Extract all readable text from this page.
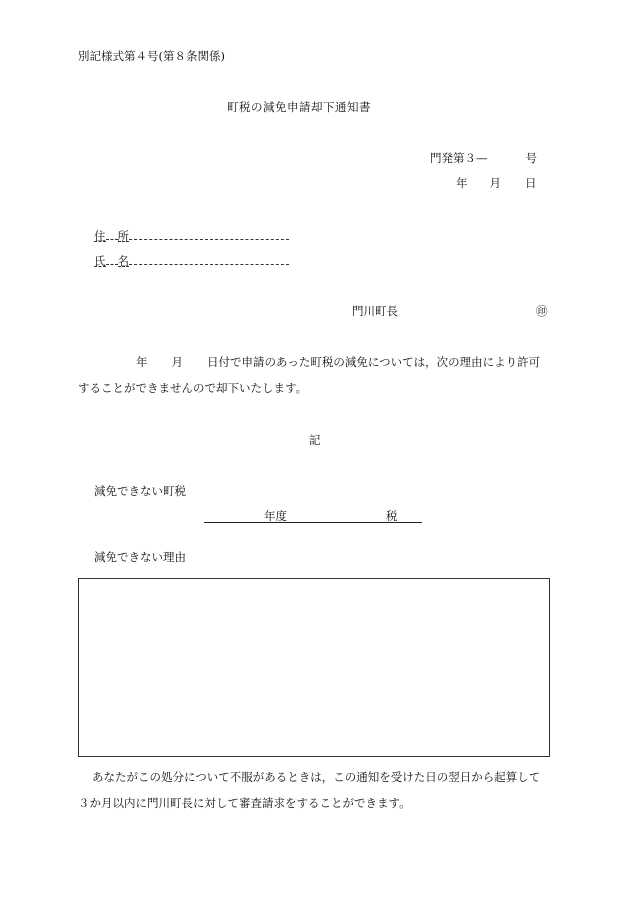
別記様式第４号(第８条関係)
町税の減免申請却下通知書
門発第３—	号
年 月 日
住 所
氏 名
門川町長	㊞
年 月 日付で申請のあった町税の減免については，次の理由により許可
することができませんので却下いたします。
記
減免できない町税
年度	税
減免できない理由
あなたがこの処分について不服があるときは，この通知を受けた日の翌日から起算して
３か月以内に門川町長に対して審査請求をすることができます。
